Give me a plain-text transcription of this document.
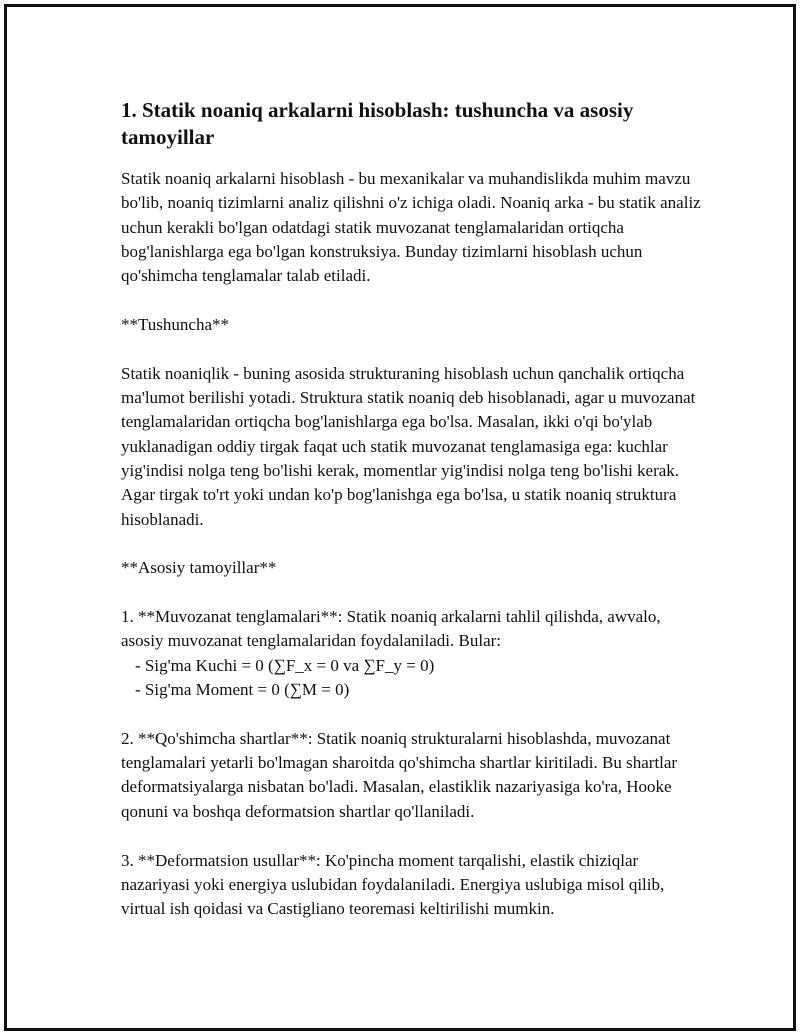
1. Statik noaniq arkalarni hisoblash: tushuncha va asosiy tamoyillar

Statik noaniq arkalarni hisoblash - bu mexanikalar va muhandislikda muhim mavzu bo'lib, noaniq tizimlarni analiz qilishni o'z ichiga oladi. Noaniq arka - bu statik analiz uchun kerakli bo'lgan odatdagi statik muvozanat tenglamalaridan ortiqcha bog'lanishlarga ega bo'lgan konstruksiya. Bunday tizimlarni hisoblash uchun qo'shimcha tenglamalar talab etiladi.

**Tushuncha**

Statik noaniqlik - buning asosida strukturaning hisoblash uchun qanchalik ortiqcha ma'lumot berilishi yotadi. Struktura statik noaniq deb hisoblanadi, agar u muvozanat tenglamalaridan ortiqcha bog'lanishlarga ega bo'lsa. Masalan, ikki o'qi bo'ylab yuklanadigan oddiy tirgak faqat uch statik muvozanat tenglamasiga ega: kuchlar yig'indisi nolga teng bo'lishi kerak, momentlar yig'indisi nolga teng bo'lishi kerak. Agar tirgak to'rt yoki undan ko'p bog'lanishga ega bo'lsa, u statik noaniq struktura hisoblanadi.

**Asosiy tamoyillar**

1. **Muvozanat tenglamalari**: Statik noaniq arkalarni tahlil qilishda, awvalo, asosiy muvozanat tenglamalaridan foydalaniladi. Bular:

- Sig'ma Kuchi = 0 (∑F_x = 0 va ∑F_y = 0)

- Sig'ma Moment = 0 (∑M = 0)

2. **Qo'shimcha shartlar**: Statik noaniq strukturalarni hisoblashda, muvozanat tenglamalari yetarli bo'lmagan sharoitda qo'shimcha shartlar kiritiladi. Bu shartlar deformatsiyalarga nisbatan bo'ladi. Masalan, elastiklik nazariyasiga ko'ra, Hooke qonuni va boshqa deformatsion shartlar qo'llaniladi.

3. **Deformatsion usullar**: Ko'pincha moment tarqalishi, elastik chiziqlar nazariyasi yoki energiya uslubidan foydalaniladi. Energiya uslubiga misol qilib, virtual ish qoidasi va Castigliano teoremasi keltirilishi mumkin.
